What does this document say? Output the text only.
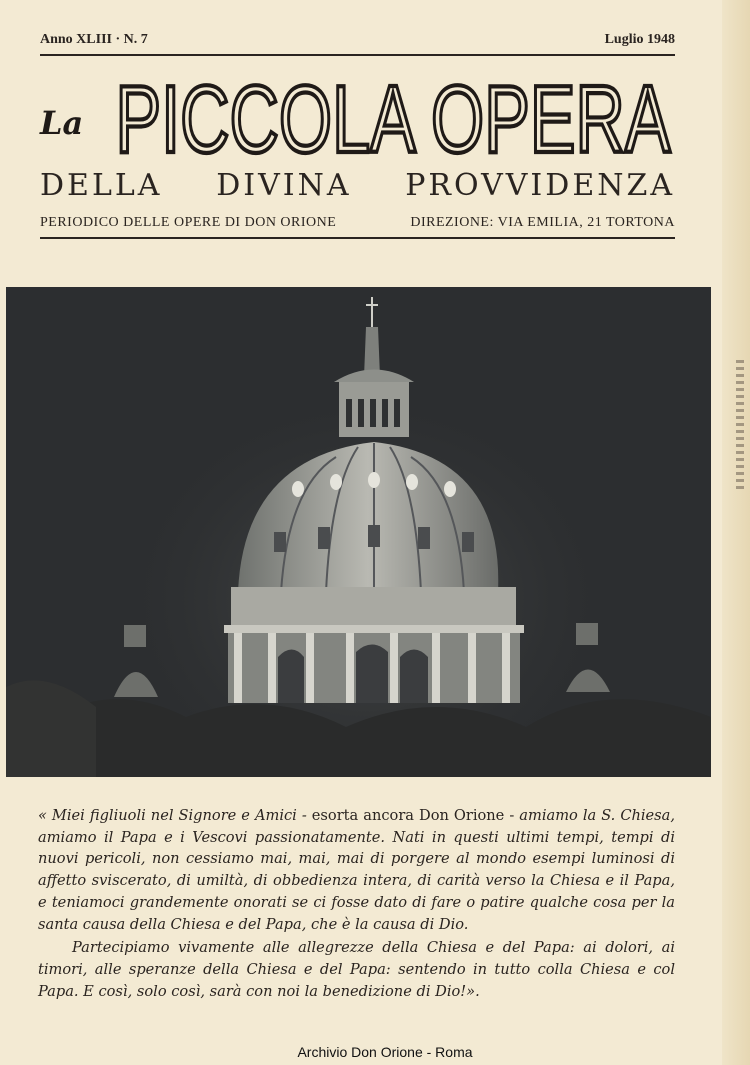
Anno XLIII · N. 7	Luglio 1948
La PICCOLA OPERA
DELLA DIVINA PROVVIDENZA
PERIODICO DELLE OPERE DI DON ORIONE	DIREZIONE: VIA EMILIA, 21 TORTONA

« Miei figliuoli nel Signore e Amici - esorta ancora Don Orione - amiamo la S. Chiesa, amiamo il Papa e i Vescovi passionatamente. Nati in questi ultimi tempi, tempi di nuovi pericoli, non cessiamo mai, mai, mai di porgere al mondo esempi luminosi di affetto sviscerato, di umiltà, di obbedienza intera, di carità verso la Chiesa e il Papa, e teniamoci grandemente onorati se ci fosse dato di fare o patire qualche cosa per la santa causa della Chiesa e del Papa, che è la causa di Dio.

Partecipiamo vivamente alle allegrezze della Chiesa e del Papa: ai dolori, ai timori, alle speranze della Chiesa e del Papa: sentendo in tutto colla Chiesa e col Papa. E così, solo così, sarà con noi la benedizione di Dio!».

Archivio Don Orione - Roma
